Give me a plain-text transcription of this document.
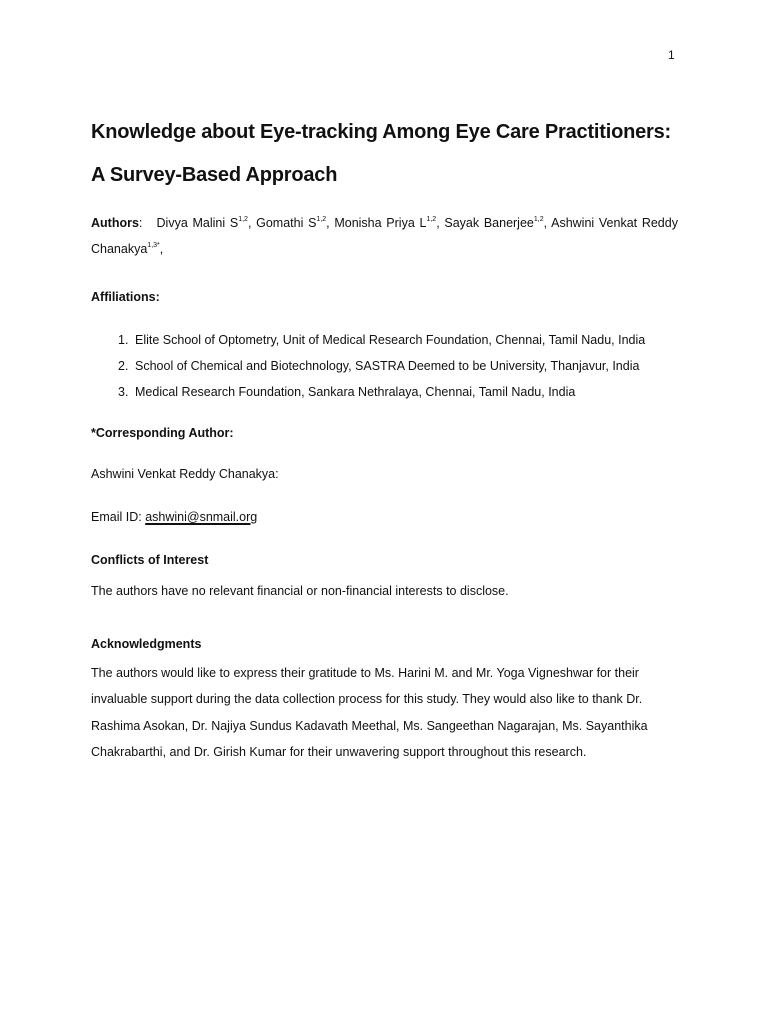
1
Knowledge about Eye-tracking Among Eye Care Practitioners:
A Survey-Based Approach
Authors:   Divya Malini S$^{1,2}$, Gomathi S$^{1,2}$, Monisha Priya L$^{1,2}$, Sayak Banerjee$^{1,2}$, Ashwini Venkat Reddy Chanakya$^{1,3*}$,
Affiliations:
1. Elite School of Optometry, Unit of Medical Research Foundation, Chennai, Tamil Nadu, India
2. School of Chemical and Biotechnology, SASTRA Deemed to be University, Thanjavur, India
3. Medical Research Foundation, Sankara Nethralaya, Chennai, Tamil Nadu, India
*Corresponding Author:
Ashwini Venkat Reddy Chanakya:
Email ID: ashwini@snmail.org
Conflicts of Interest
The authors have no relevant financial or non-financial interests to disclose.
Acknowledgments
The authors would like to express their gratitude to Ms. Harini M. and Mr. Yoga Vigneshwar for their
invaluable support during the data collection process for this study. They would also like to thank Dr.
Rashima Asokan, Dr. Najiya Sundus Kadavath Meethal, Ms. Sangeethan Nagarajan, Ms. Sayanthika
Chakrabarthi, and Dr. Girish Kumar for their unwavering support throughout this research.
